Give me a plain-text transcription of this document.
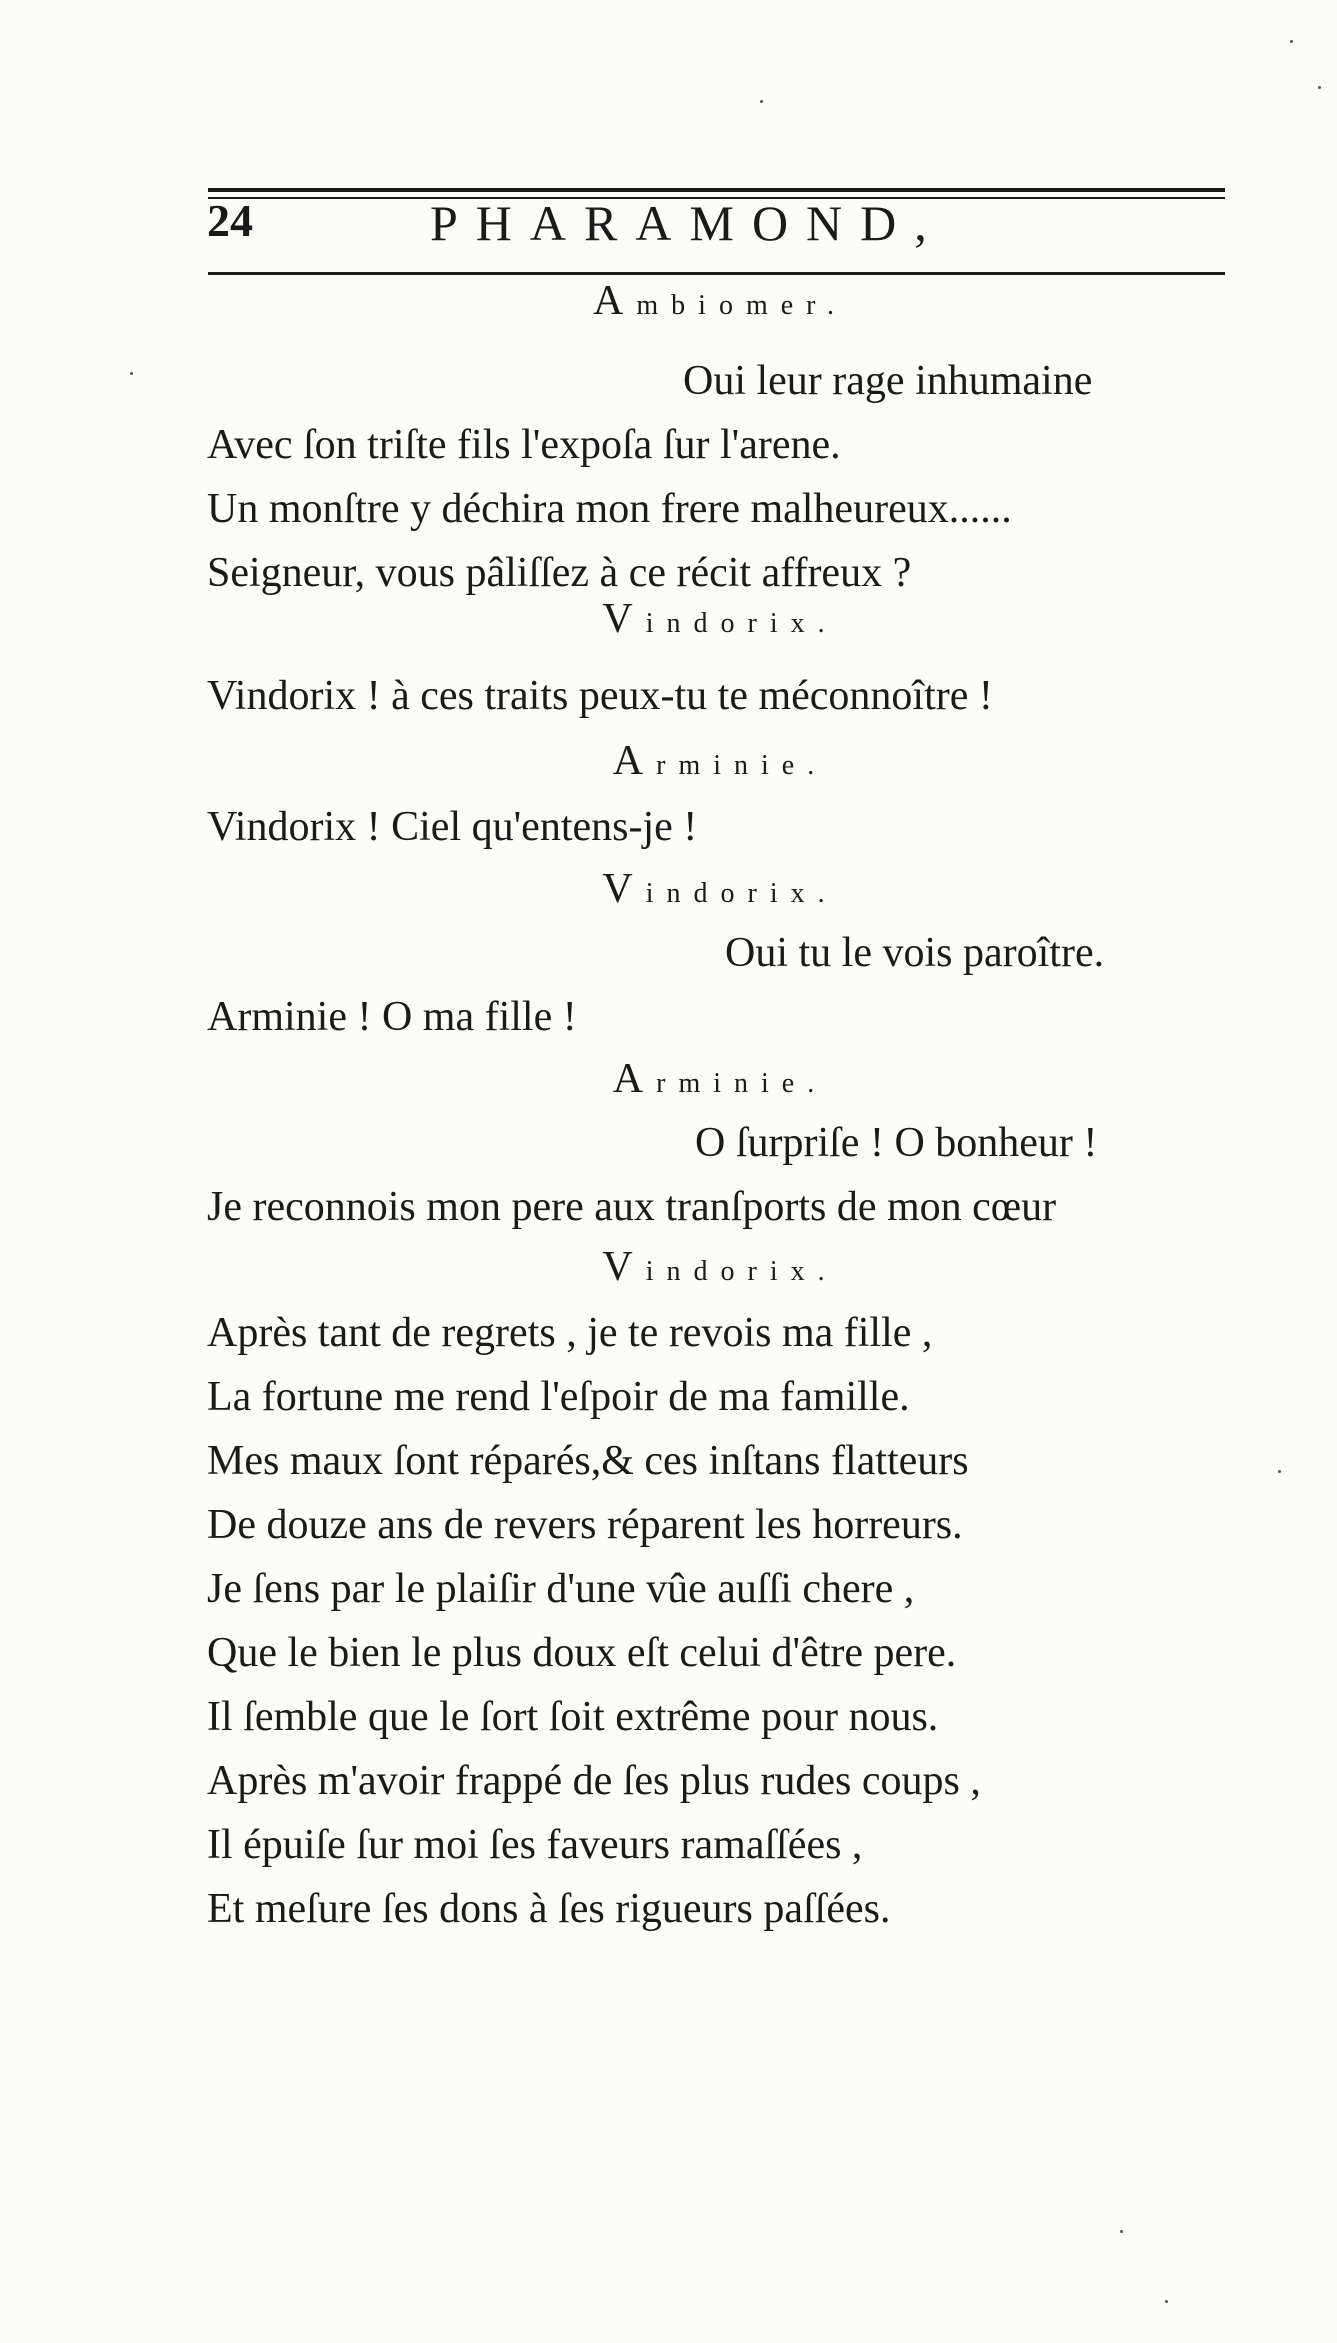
24	PHARAMOND,
Ambiomer.
Oui leur rage inhumaine
Avec ſon triſte fils l'expoſa ſur l'arene.
Un monſtre y déchira mon frere malheureux......
Seigneur, vous pâliſſez à ce récit affreux ?
Vindorix.
Vindorix ! à ces traits peux-tu te méconnoître !
Arminie.
Vindorix ! Ciel qu'entens-je !
Vindorix.
Oui tu le vois paroître.
Arminie ! O ma fille !
Arminie.
O ſurpriſe ! O bonheur !
Je reconnois mon pere aux tranſports de mon cœur
Vindorix.
Après tant de regrets , je te revois ma fille ,
La fortune me rend l'eſpoir de ma famille.
Mes maux ſont réparés,& ces inſtans flatteurs
De douze ans de revers réparent les horreurs.
Je ſens par le plaiſir d'une vûe auſſi chere ,
Que le bien le plus doux eſt celui d'être pere.
Il ſemble que le ſort ſoit extrême pour nous.
Après m'avoir frappé de ſes plus rudes coups ,
Il épuiſe ſur moi ſes faveurs ramaſſées ,
Et meſure ſes dons à ſes rigueurs paſſées.
